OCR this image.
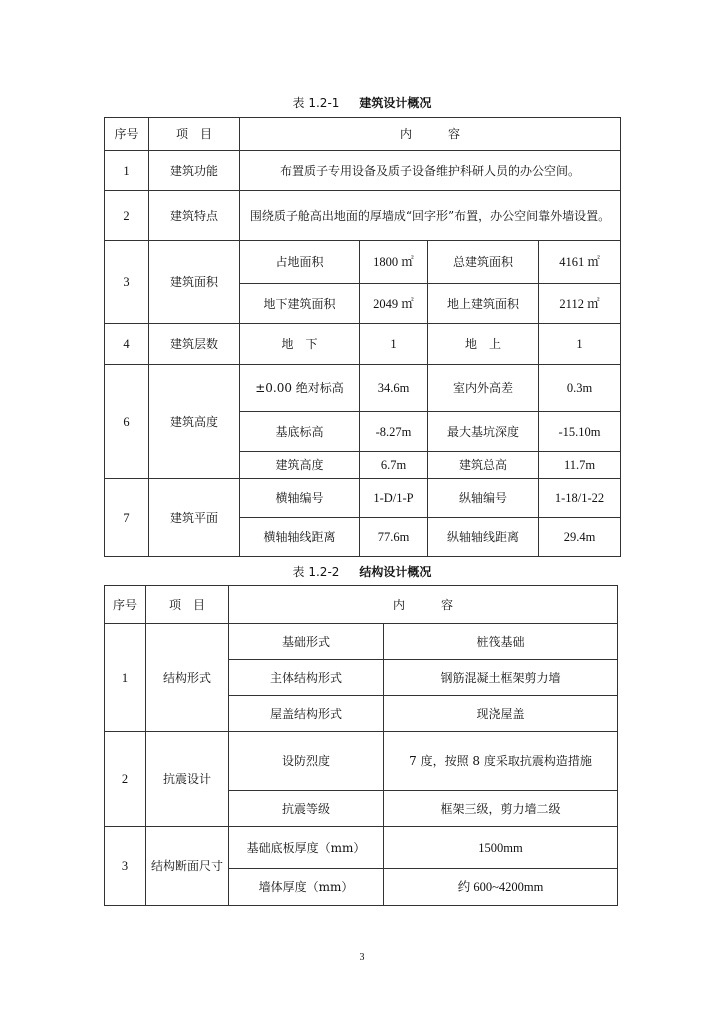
表 1.2-1 建筑设计概况
序号	项　目	内　　　容			
1	建筑功能	布置质子专用设备及质子设备维护科研人员的办公空间。			
2	建筑特点	围绕质子舱高出地面的厚墙成“回字形”布置，办公空间靠外墙设置。			
3	建筑面积	占地面积	1800 ㎡	总建筑面积	4161 ㎡
		地下建筑面积	2049 ㎡	地上建筑面积	2112 ㎡
4	建筑层数	地　下	1	地　上	1
6	建筑高度	±0.00 绝对标高	34.6m	室内外高差	0.3m
		基底标高	-8.27m	最大基坑深度	-15.10m
		建筑高度	6.7m	建筑总高	11.7m
7	建筑平面	横轴编号	1-D/1-P	纵轴编号	1-18/1-22
		横轴轴线距离	77.6m	纵轴轴线距离	29.4m
表 1.2-2 结构设计概况
序号	项　目	内　　　容	
1	结构形式	基础形式	桩筏基础
		主体结构形式	钢筋混凝土框架剪力墙
		屋盖结构形式	现浇屋盖
2	抗震设计	设防烈度	7 度，按照 8 度采取抗震构造措施
		抗震等级	框架三级，剪力墙二级
3	结构断面尺寸	基础底板厚度（mm）	1500mm
		墙体厚度（mm）	约 600~4200mm
3
